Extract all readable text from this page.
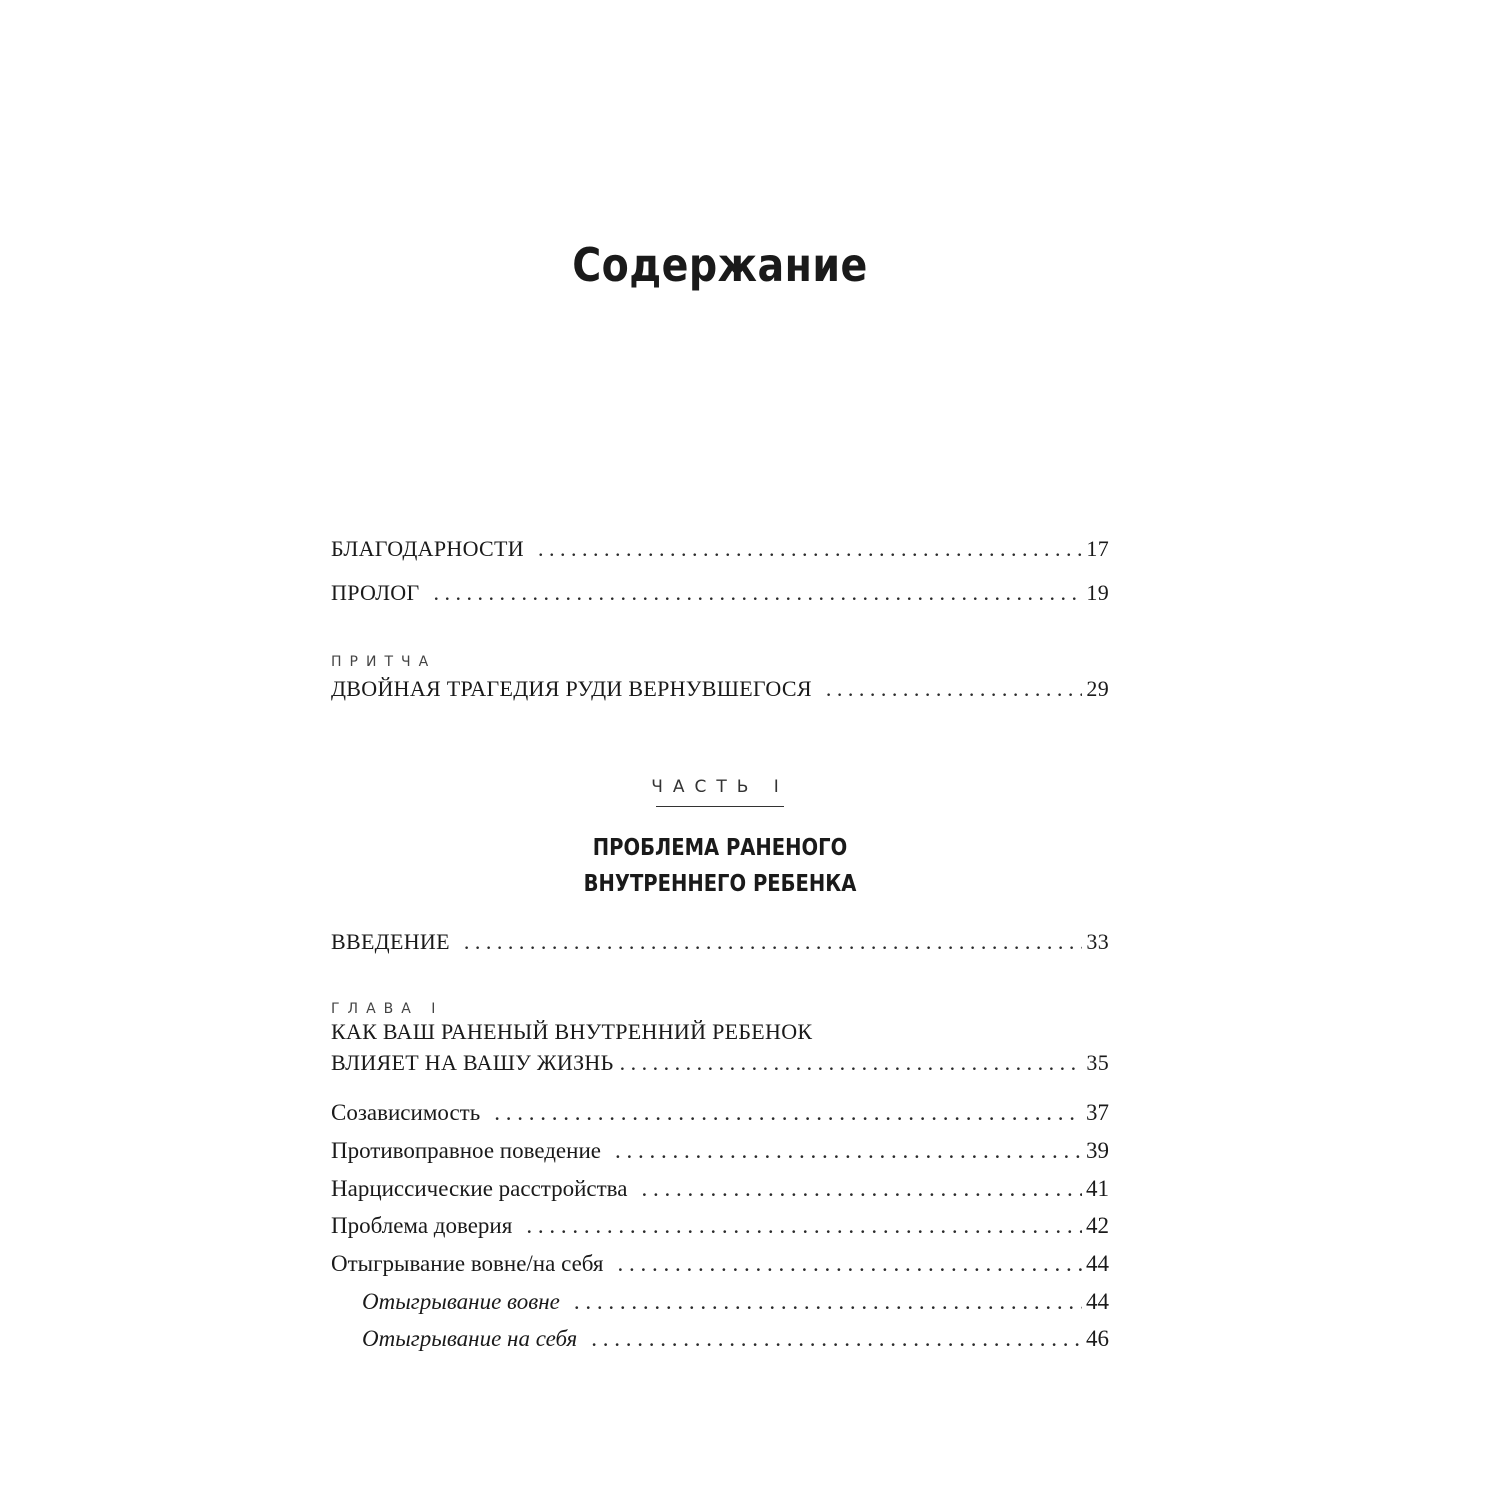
Содержание
БЛАГОДАРНОСТИ . . .	17
ПРОЛОГ . . .	19
ПРИТЧА
ДВОЙНАЯ ТРАГЕДИЯ РУДИ ВЕРНУВШЕГОСЯ . . .	29
ЧАСТЬ I
ПРОБЛЕМА РАНЕНОГО
ВНУТРЕННЕГО РЕБЕНКА
ВВЕДЕНИЕ . . .	33
ГЛАВА I
КАК ВАШ РАНЕНЫЙ ВНУТРЕННИЙ РЕБЕНОК
ВЛИЯЕТ НА ВАШУ ЖИЗНЬ . . .	35
Созависимость . . .	37
Противоправное поведение . . .	39
Нарциссические расстройства . . .	41
Проблема доверия . . .	42
Отыгрывание вовне/на себя . . .	44
Отыгрывание вовне . . .	44
Отыгрывание на себя . . .	46
